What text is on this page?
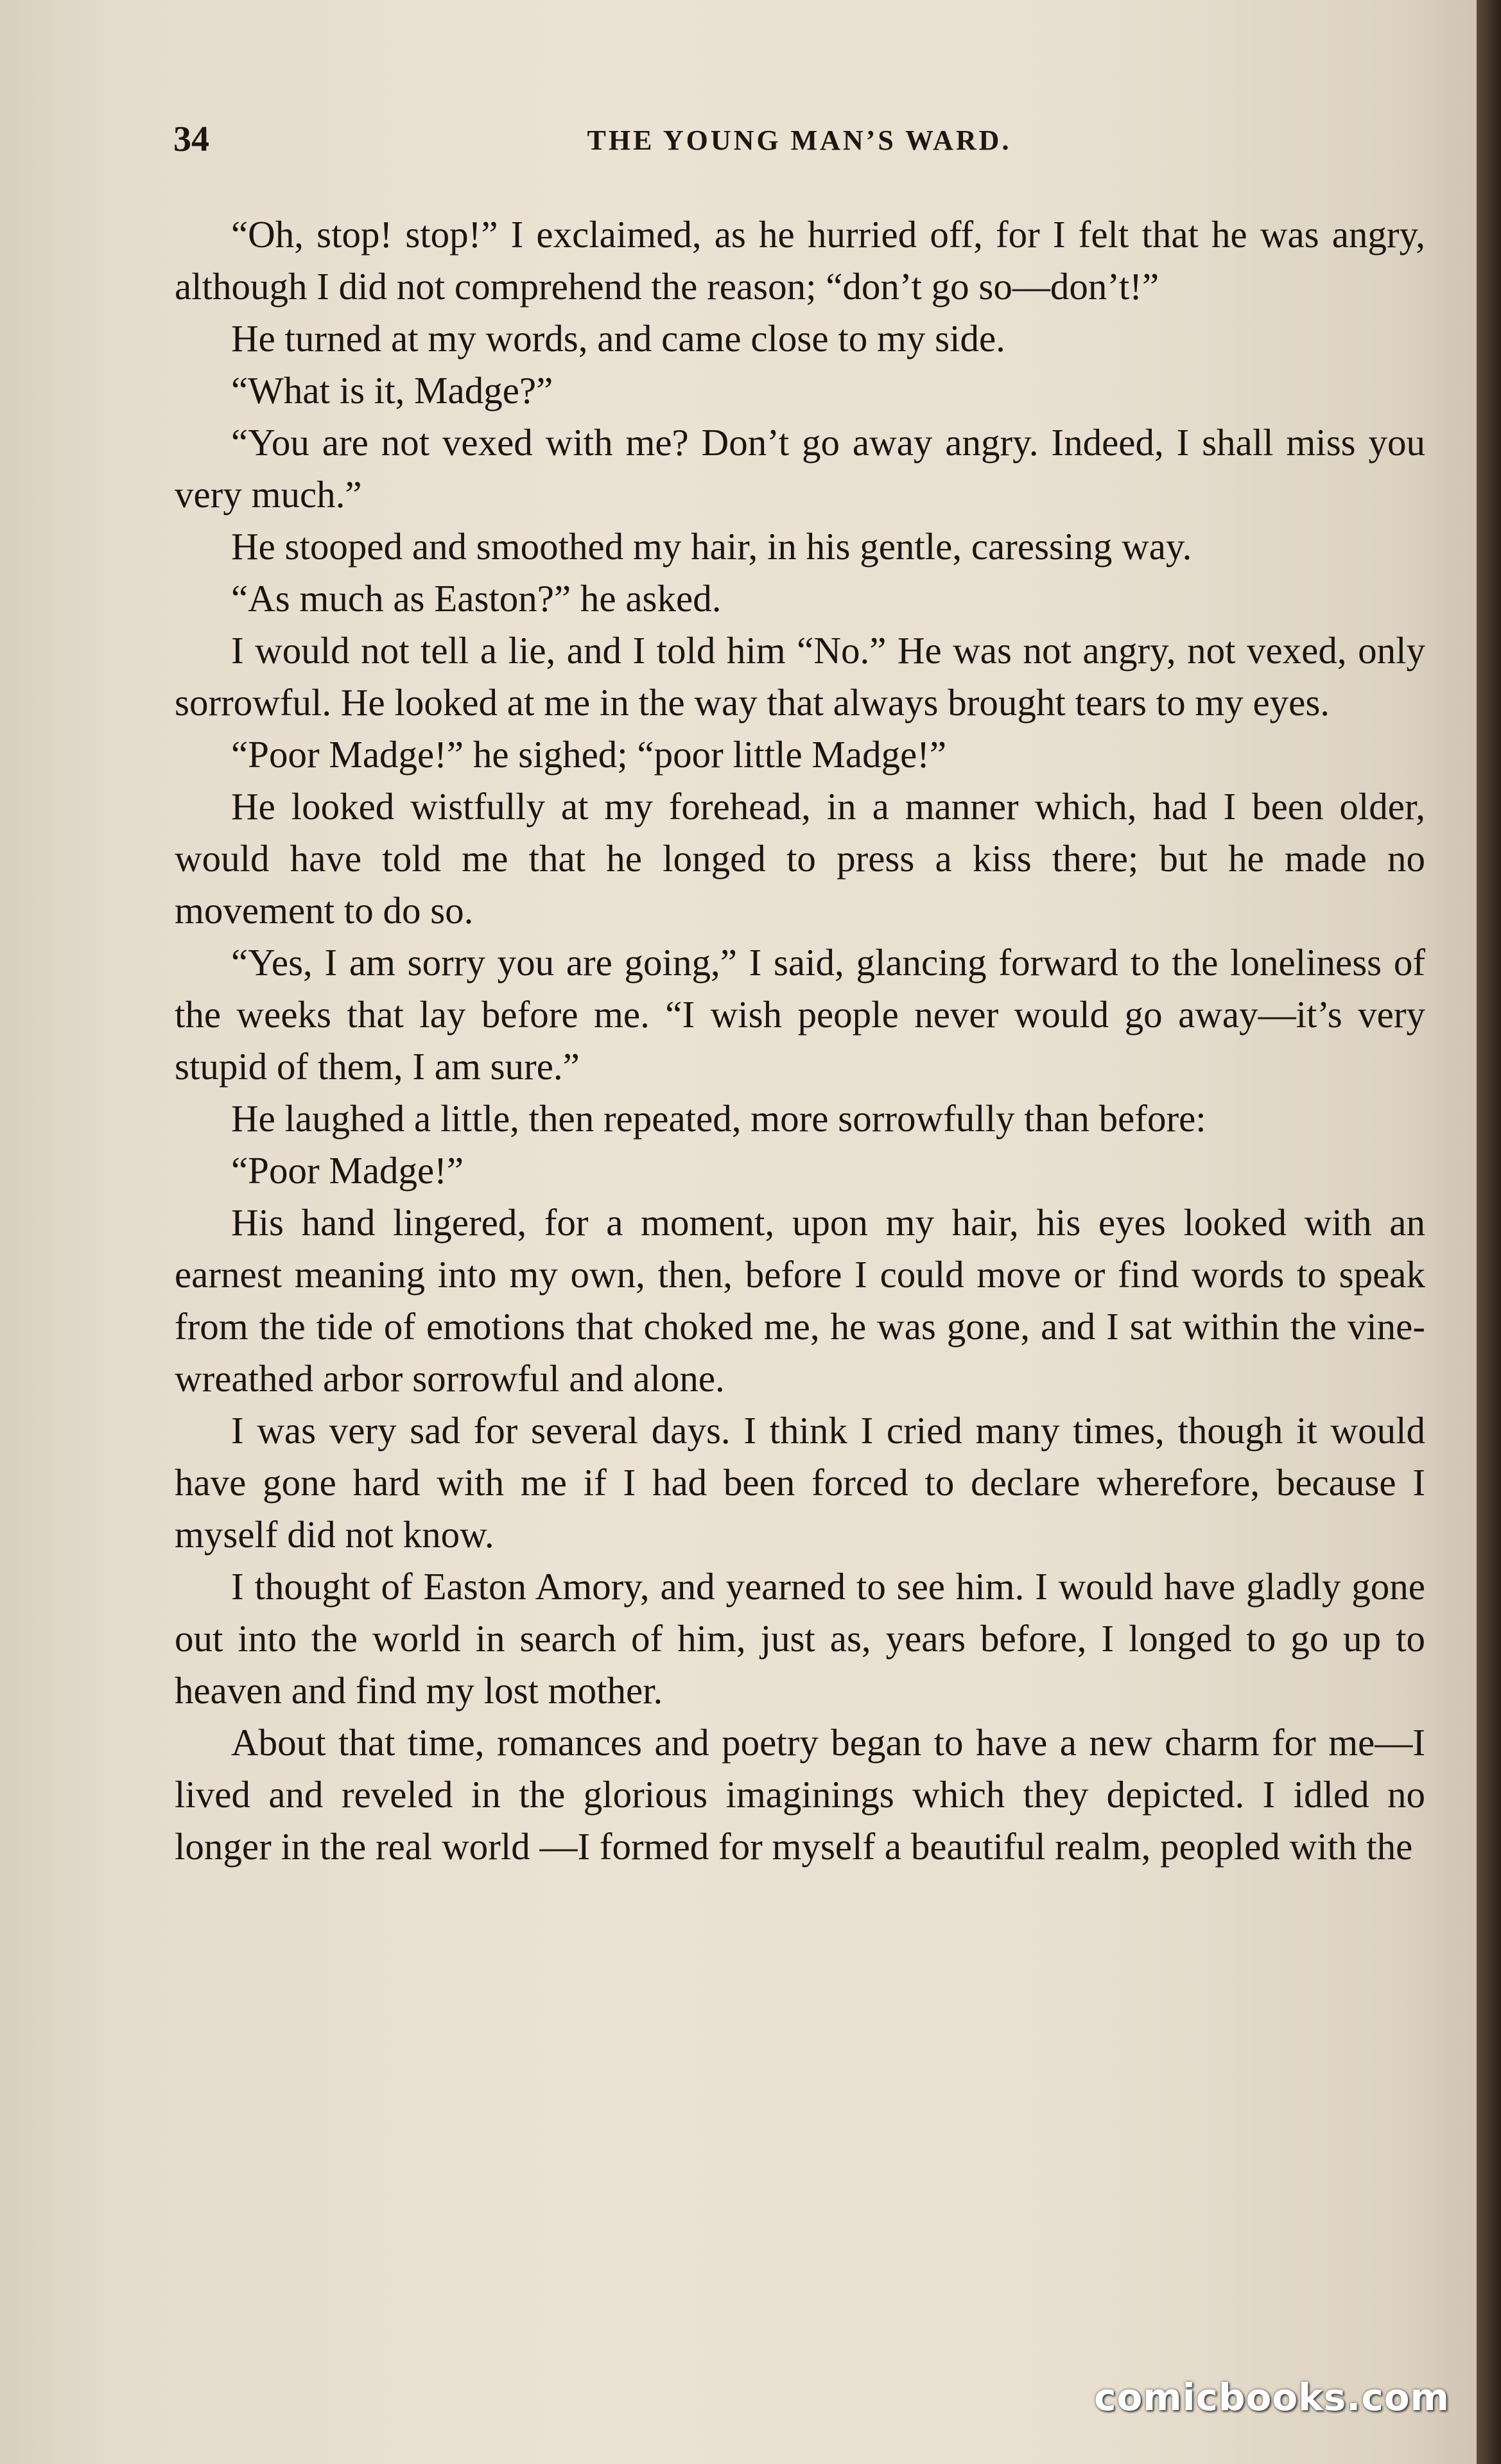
34	THE YOUNG MAN’S WARD.

“Oh, stop! stop!” I exclaimed, as he hurried off, for I felt that he was angry, although I did not comprehend the reason; “don’t go so—don’t!”

He turned at my words, and came close to my side.

“What is it, Madge?”

“You are not vexed with me? Don’t go away angry. Indeed, I shall miss you very much.”

He stooped and smoothed my hair, in his gentle, caressing way.

“As much as Easton?” he asked.

I would not tell a lie, and I told him “No.” He was not angry, not vexed, only sorrowful. He looked at me in the way that always brought tears to my eyes.

“Poor Madge!” he sighed; “poor little Madge!”

He looked wistfully at my forehead, in a manner which, had I been older, would have told me that he longed to press a kiss there; but he made no movement to do so.

“Yes, I am sorry you are going,” I said, glancing forward to the loneliness of the weeks that lay before me. “I wish people never would go away—it’s very stupid of them, I am sure.”

He laughed a little, then repeated, more sorrowfully than before:

“Poor Madge!”

His hand lingered, for a moment, upon my hair, his eyes looked with an earnest meaning into my own, then, before I could move or find words to speak from the tide of emotions that choked me, he was gone, and I sat within the vine-wreathed arbor sorrowful and alone.

I was very sad for several days. I think I cried many times, though it would have gone hard with me if I had been forced to declare wherefore, because I myself did not know.

I thought of Easton Amory, and yearned to see him. I would have gladly gone out into the world in search of him, just as, years before, I longed to go up to heaven and find my lost mother.

About that time, romances and poetry began to have a new charm for me—I lived and reveled in the glorious imaginings which they depicted. I idled no longer in the real world —I formed for myself a beautiful realm, peopled with the

comicbooks.com
